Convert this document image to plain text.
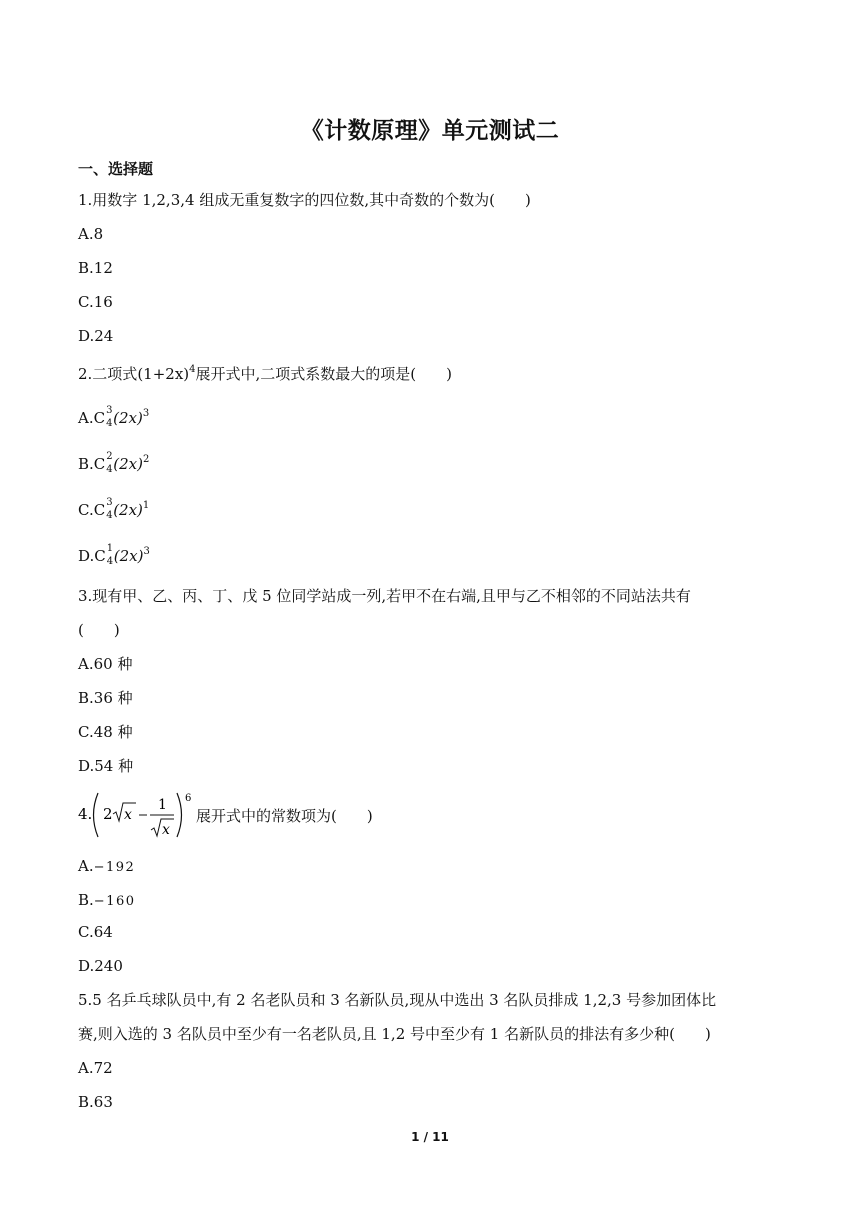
《计数原理》单元测试二
一、选择题
1.用数字 1,2,3,4 组成无重复数字的四位数,其中奇数的个数为(　　)
A.8
B.12
C.16
D.24
2.二项式$(1+2x)^4$展开式中,二项式系数最大的项是(　　)
A.C 3
4 $(2x)^3$
B.C 2
4 $(2x)^2$
C.C 3
4 $(2x)^1$
D.C 1
4 $(2x)^3$
3.现有甲、乙、丙、丁、戊 5 位同学站成一列,若甲不在右端,且甲与乙不相邻的不同站法共有
(　　)
A.60 种
B.36 种
C.48 种
D.54 种
4. 2 x
1
x
6
展开式中的常数项为(　　)
A.−192
B.−160
C.64
D.240
5.5 名乒乓球队员中,有 2 名老队员和 3 名新队员,现从中选出 3 名队员排成 1,2,3 号参加团体比
赛,则入选的 3 名队员中至少有一名老队员,且 1,2 号中至少有 1 名新队员的排法有多少种(　　)
A.72
B.63
1 / 11
